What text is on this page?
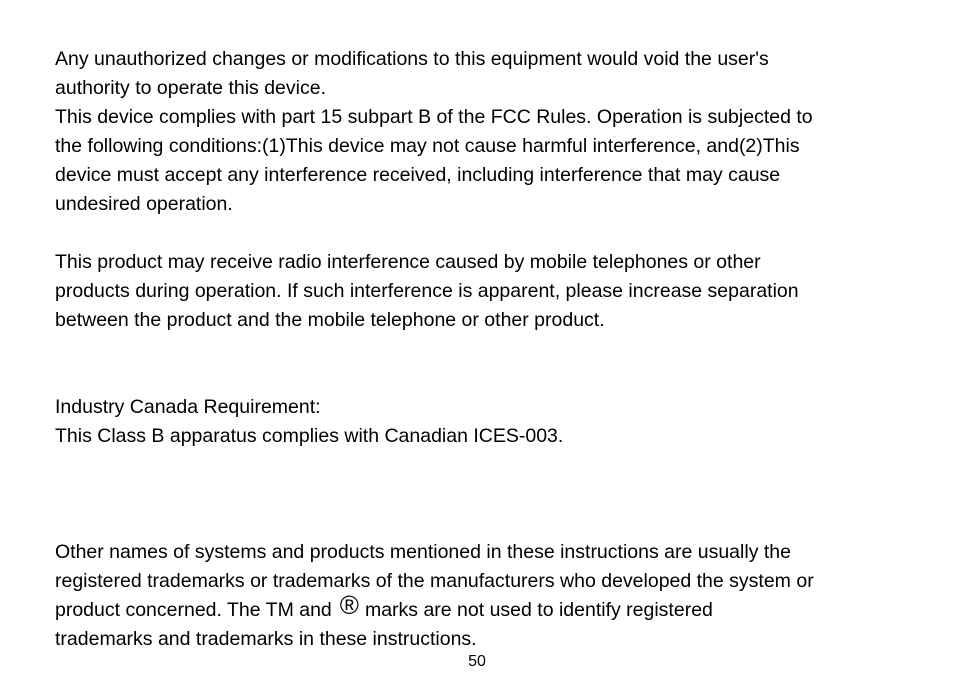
Any unauthorized changes or modifications to this equipment would void the user's
authority to operate this device.
This device complies with part 15 subpart B of the FCC Rules. Operation is subjected to
the following conditions:(1)This device may not cause harmful interference, and(2)This
device must accept any interference received, including interference that may cause
undesired operation.
This product may receive radio interference caused by mobile telephones or other
products during operation. If such interference is apparent, please increase separation
between the product and the mobile telephone or other product.
Industry Canada Requirement:
This Class B apparatus complies with Canadian ICES-003.
Other names of systems and products mentioned in these instructions are usually the
registered trademarks or trademarks of the manufacturers who developed the system or
product concerned. The TM and ® marks are not used to identify registered
trademarks and trademarks in these instructions.
50
